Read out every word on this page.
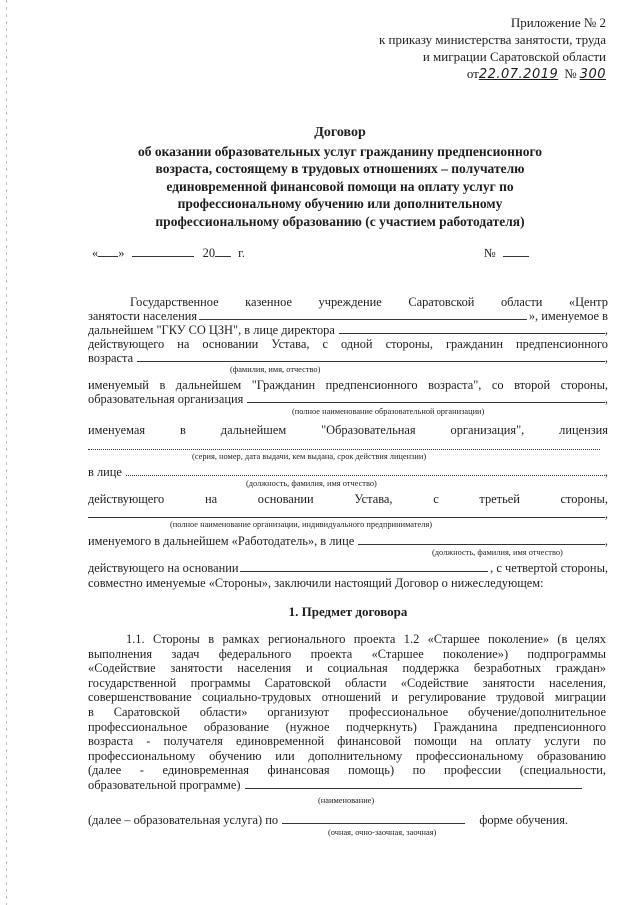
Приложение № 2
к приказу министерства занятости, труда
и миграции Саратовской области
от 22.07.2019 № 300
Договор
об оказании образовательных услуг гражданину предпенсионного
возраста, состоящему в трудовых отношениях – получателю
единовременной финансовой помощи на оплату услуг по
профессиональному обучению или дополнительному
профессиональному образованию (с участием работодателя)
« »	20 г.	№
Государственное казенное учреждение Саратовской области «Центр
занятости населения	», именуемое в
дальнейшем "ГКУ СО ЦЗН", в лице директора	,
действующего на основании Устава, с одной стороны, гражданин предпенсионного
возраста	,
(фамилия, имя, отчество)
именуемый в дальнейшем "Гражданин предпенсионного возраста", со второй стороны,
образовательная организация	,
(полное наименование образовательной организации)
именуемая	в	дальнейшем	"Образовательная	организация",	лицензия
(серия, номер, дата выдачи, кем выдана, срок действия лицензии)
в лице	,
(должность, фамилия, имя отчество)
действующего	на	основании	Устава,	с	третьей	стороны,
,
(полное наименование организации, индивидуального предпринимателя)
именуемого в дальнейшем «Работодатель», в лице	,
(должность, фамилия, имя отчество)
действующего на основании	, с четвертой стороны,
совместно именуемые «Стороны», заключили настоящий Договор о нижеследующем:
1. Предмет договора
1.1. Стороны в рамках регионального проекта 1.2 «Старшее поколение» (в целях
выполнения задач федерального проекта «Старшее поколение») подпрограммы
«Содействие занятости населения и социальная поддержка безработных граждан»
государственной программы Саратовской области «Содействие занятости населения,
совершенствование социально-трудовых отношений и регулирование трудовой миграции
в Саратовской области» организуют профессиональное обучение/дополнительное
профессиональное образование (нужное подчеркнуть) Гражданина предпенсионного
возраста - получателя единовременной финансовой помощи на оплату услуги по
профессиональному обучению или дополнительному профессиональному образованию
(далее - единовременная финансовая помощь) по профессии (специальности,
образовательной программе)
(наименование)
(далее – образовательная услуга) по	форме обучения.
(очная, очно-заочная, заочная)
